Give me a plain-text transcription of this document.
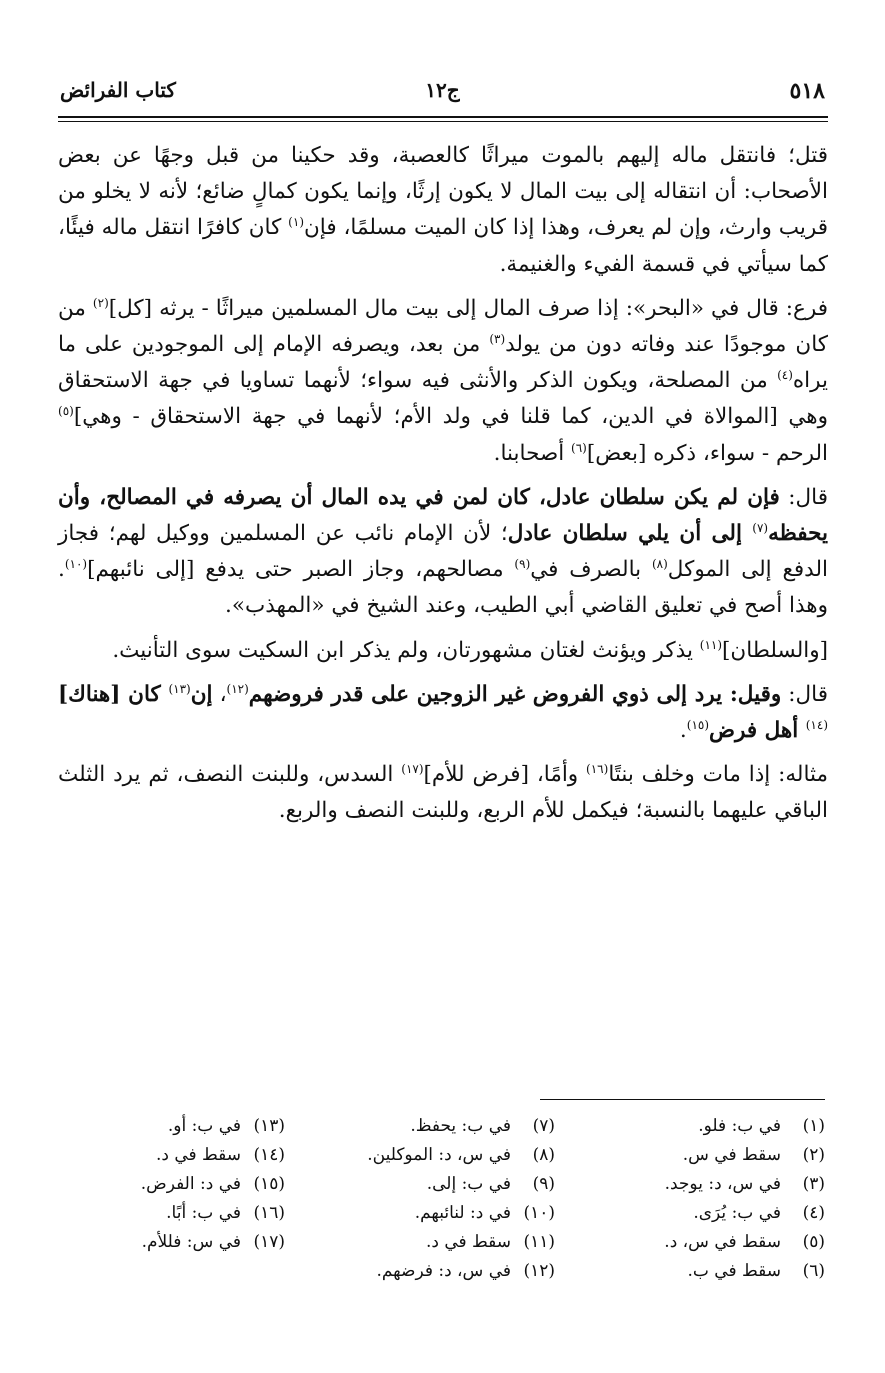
٥١٨
ج١٢
كتاب الفرائض

قتل؛ فانتقل ماله إليهم بالموت ميراثًا كالعصبة، وقد حكينا من قبل وجهًا عن بعض الأصحاب: أن انتقاله إلى بيت المال لا يكون إرثًا، وإنما يكون كمالٍ ضائع؛ لأنه لا يخلو من قريب وارث، وإن لم يعرف، وهذا إذا كان الميت مسلمًا، فإن$^{(١)}$ كان كافرًا انتقل ماله فيئًا، كما سيأتي في قسمة الفيء والغنيمة.

فرع: قال في «البحر»: إذا صرف المال إلى بيت مال المسلمين ميراثًا - يرثه [كل]$^{(٢)}$ من كان موجودًا عند وفاته دون من يولد$^{(٣)}$ من بعد، ويصرفه الإمام إلى الموجودين على ما يراه$^{(٤)}$ من المصلحة، ويكون الذكر والأنثى فيه سواء؛ لأنهما تساويا في جهة الاستحقاق وهي [الموالاة في الدين، كما قلنا في ولد الأم؛ لأنهما في جهة الاستحقاق - وهي]$^{(٥)}$ الرحم - سواء، ذكره [بعض]$^{(٦)}$ أصحابنا.

قال: فإن لم يكن سلطان عادل، كان لمن في يده المال أن يصرفه في المصالح، وأن يحفظه$^{(٧)}$ إلى أن يلي سلطان عادل؛ لأن الإمام نائب عن المسلمين ووكيل لهم؛ فجاز الدفع إلى الموكل$^{(٨)}$ بالصرف في$^{(٩)}$ مصالحهم، وجاز الصبر حتى يدفع [إلى نائبهم]$^{(١٠)}$. وهذا أصح في تعليق القاضي أبي الطيب، وعند الشيخ في «المهذب».

[والسلطان]$^{(١١)}$ يذكر ويؤنث لغتان مشهورتان، ولم يذكر ابن السكيت سوى التأنيث.

قال: وقيل: يرد إلى ذوي الفروض غير الزوجين على قدر فروضهم$^{(١٢)}$، إن$^{(١٣)}$ كان [هناك]$^{(١٤)}$ أهل فرض$^{(١٥)}$.

مثاله: إذا مات وخلف بنتًا$^{(١٦)}$ وأمًا، [فرض للأم]$^{(١٧)}$ السدس، وللبنت النصف، ثم يرد الثلث الباقي عليهما بالنسبة؛ فيكمل للأم الربع، وللبنت النصف والربع.

(١)في ب: فلو.
(٢)سقط في س.
(٣)في س، د: يوجد.
(٤)في ب: يُرَى.
(٥)سقط في س، د.
(٦)سقط في ب.
(٧)في ب: يحفظ.
(٨)في س، د: الموكلين.
(٩)في ب: إلى.
(١٠)في د: لنائبهم.
(١١)سقط في د.
(١٢)في س، د: فرضهم.
(١٣)في ب: أو.
(١٤)سقط في د.
(١٥)في د: الفرض.
(١٦)في ب: أبًا.
(١٧)في س: فللأم.
